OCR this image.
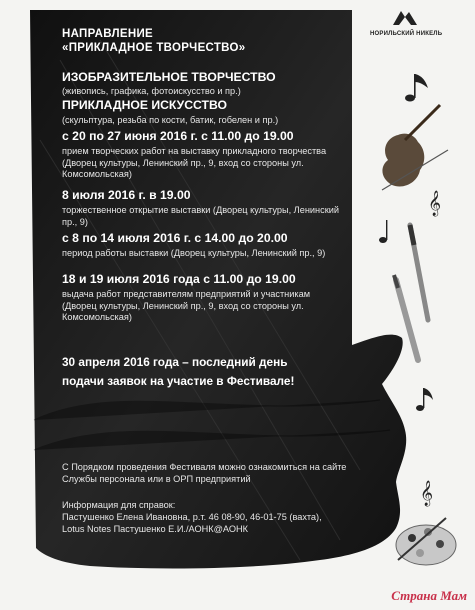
𝄞
𝄞
НОРИЛЬСКИЙ НИКЕЛЬ
НАПРАВЛЕНИЕ
«ПРИКЛАДНОЕ ТВОРЧЕСТВО»
ИЗОБРАЗИТЕЛЬНОЕ ТВОРЧЕСТВО
(живопись, графика, фотоискусство и пр.)
ПРИКЛАДНОЕ ИСКУССТВО
(скульптура, резьба по кости, батик, гобелен и пр.)
с 20 по 27 июня 2016 г. с 11.00 до 19.00
прием творческих работ на выставку прикладного творчества (Дворец культуры, Ленинский пр., 9, вход со стороны ул. Комсомольская)
8 июля 2016 г. в 19.00
торжественное открытие выставки (Дворец культуры, Ленинский пр., 9)
с 8 по 14 июля 2016 г. с 14.00 до 20.00
период работы выставки (Дворец культуры, Ленинский пр., 9)
18 и 19 июля 2016 года с 11.00 до 19.00
выдача работ представителям предприятий и участникам (Дворец культуры, Ленинский пр., 9, вход со стороны ул. Комсомольская)
30 апреля 2016 года – последний день
подачи заявок на участие в Фестивале!
С Порядком проведения Фестиваля можно ознакомиться на сайте Службы персонала или в ОРП предприятий
Информация для справок:
Пастушенко Елена Ивановна, р.т. 46 08-90, 46-01-75 (вахта),
Lotus Notes Пастушенко Е.И./АОНК@АОНК
Страна Мам
